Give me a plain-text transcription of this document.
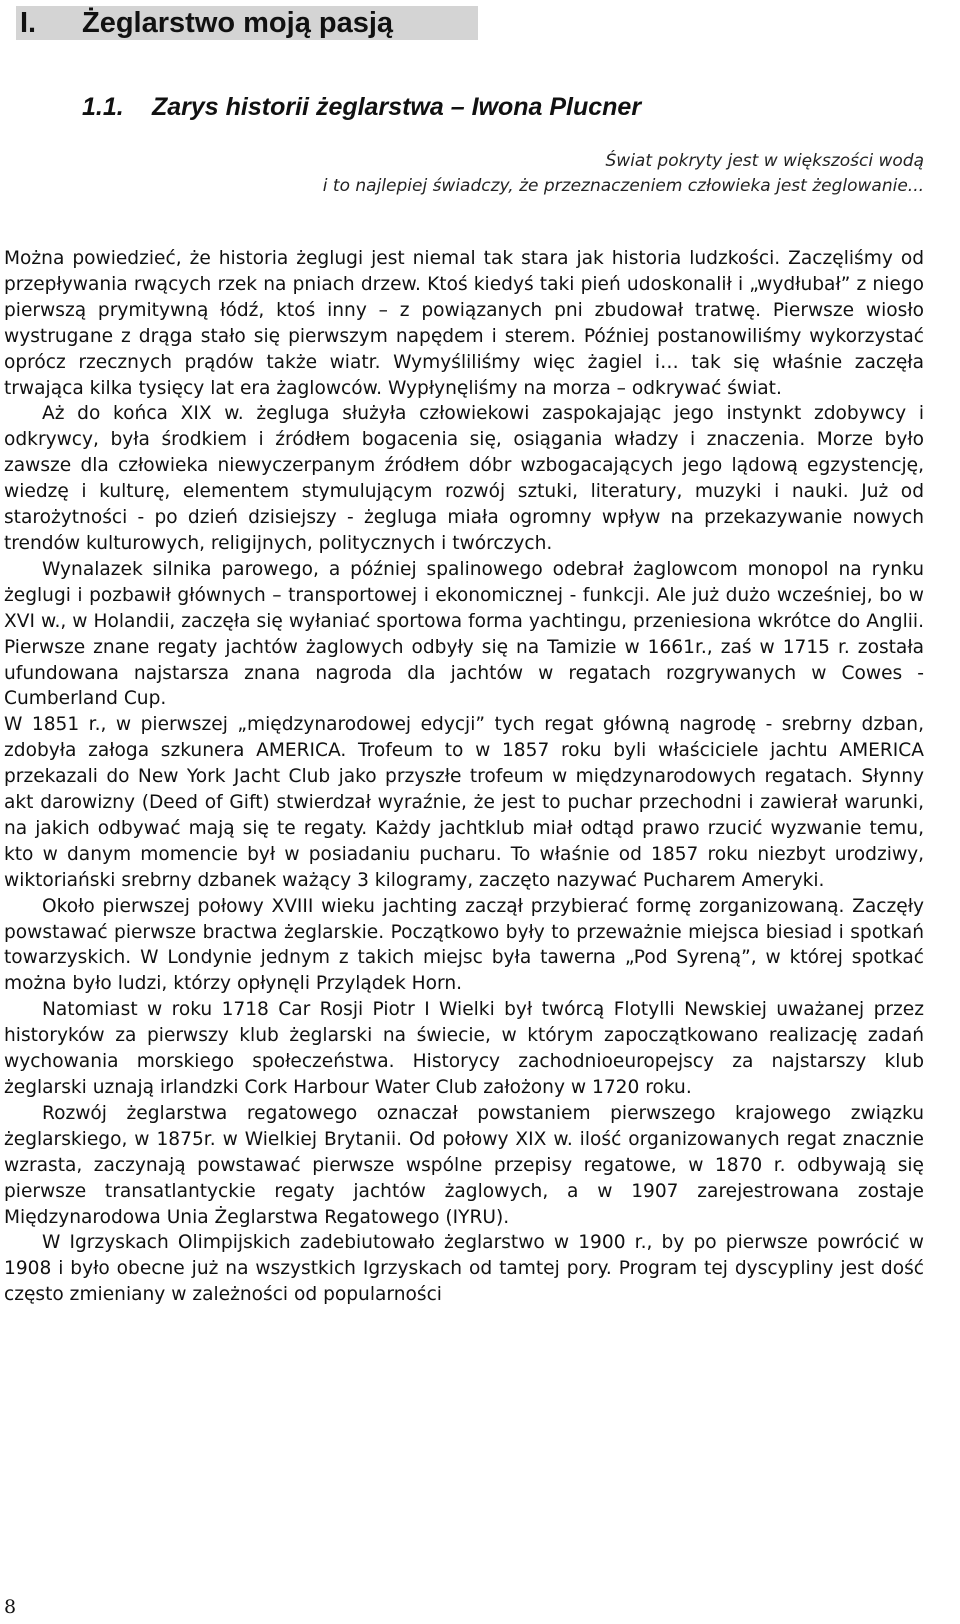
I. Żeglarstwo moją pasją
1.1. Zarys historii żeglarstwa – Iwona Plucner
Świat pokryty jest w większości wodą
i to najlepiej świadczy, że przeznaczeniem człowieka jest żeglowanie...

Można powiedzieć, że historia żeglugi jest niemal tak stara jak historia ludzkości. Zaczęliśmy od przepływania rwących rzek na pniach drzew. Ktoś kiedyś taki pień udoskonalił i „wydłubał” z niego pierwszą prymitywną łódź, ktoś inny – z powiązanych pni zbudował tratwę. Pierwsze wiosło wystrugane z drąga stało się pierwszym napędem i sterem. Później postanowiliśmy wykorzystać oprócz rzecznych prądów także wiatr. Wymyśliliśmy więc żagiel i… tak się właśnie zaczęła trwająca kilka tysięcy lat era żaglowców. Wypłynęliśmy na morza – odkrywać świat.

Aż do końca XIX w. żegluga służyła człowiekowi zaspokajając jego instynkt zdobywcy i odkrywcy, była środkiem i źródłem bogacenia się, osiągania władzy i znaczenia. Morze było zawsze dla człowieka niewyczerpanym źródłem dóbr wzbogacających jego lądową egzystencję, wiedzę i kulturę, elementem stymulującym rozwój sztuki, literatury, muzyki i nauki. Już od starożytności - po dzień dzisiejszy - żegluga miała ogromny wpływ na przekazywanie nowych trendów kulturowych, religijnych, politycznych i twórczych.

Wynalazek silnika parowego, a później spalinowego odebrał żaglowcom monopol na rynku żeglugi i pozbawił głównych – transportowej i ekonomicznej - funkcji. Ale już dużo wcześniej, bo w XVI w., w Holandii, zaczęła się wyłaniać sportowa forma yachtingu, przeniesiona wkrótce do Anglii. Pierwsze znane regaty jachtów żaglowych odbyły się na Tamizie w 1661r., zaś w 1715 r. została ufundowana najstarsza znana nagroda dla jachtów w regatach rozgrywanych w Cowes - Cumberland Cup.

W 1851 r., w pierwszej „międzynarodowej edycji” tych regat główną nagrodę - srebrny dzban, zdobyła załoga szkunera AMERICA. Trofeum to w 1857 roku byli właściciele jachtu AMERICA przekazali do New York Jacht Club jako przyszłe trofeum w międzynarodowych regatach. Słynny akt darowizny (Deed of Gift) stwierdzał wyraźnie, że jest to puchar przechodni i zawierał warunki, na jakich odbywać mają się te regaty. Każdy jachtklub miał odtąd prawo rzucić wyzwanie temu, kto w danym momencie był w posiadaniu pucharu. To właśnie od 1857 roku niezbyt urodziwy, wiktoriański srebrny dzbanek ważący 3 kilogramy, zaczęto nazywać Pucharem Ameryki.

Około pierwszej połowy XVIII wieku jachting zaczął przybierać formę zorganizowaną. Zaczęły powstawać pierwsze bractwa żeglarskie. Początkowo były to przeważnie miejsca biesiad i spotkań towarzyskich. W Londynie jednym z takich miejsc była tawerna „Pod Syreną”, w której spotkać można było ludzi, którzy opłynęli Przylądek Horn.

Natomiast w roku 1718 Car Rosji Piotr I Wielki był twórcą Flotylli Newskiej uważanej przez historyków za pierwszy klub żeglarski na świecie, w którym zapoczątkowano realizację zadań wychowania morskiego społeczeństwa. Historycy zachodnioeuropejscy za najstarszy klub żeglarski uznają irlandzki Cork Harbour Water Club założony w 1720 roku.

Rozwój żeglarstwa regatowego oznaczał powstaniem pierwszego krajowego związku żeglarskiego, w 1875r. w Wielkiej Brytanii. Od połowy XIX w. ilość organizowanych regat znacznie wzrasta, zaczynają powstawać pierwsze wspólne przepisy regatowe, w 1870 r. odbywają się pierwsze transatlantyckie regaty jachtów żaglowych, a w 1907 zarejestrowana zostaje Międzynarodowa Unia Żeglarstwa Regatowego (IYRU).

W Igrzyskach Olimpijskich zadebiutowało żeglarstwo w 1900 r., by po pierwsze powrócić w 1908 i było obecne już na wszystkich Igrzyskach od tamtej pory. Program tej dyscypliny jest dość często zmieniany w zależności od popularności

8
